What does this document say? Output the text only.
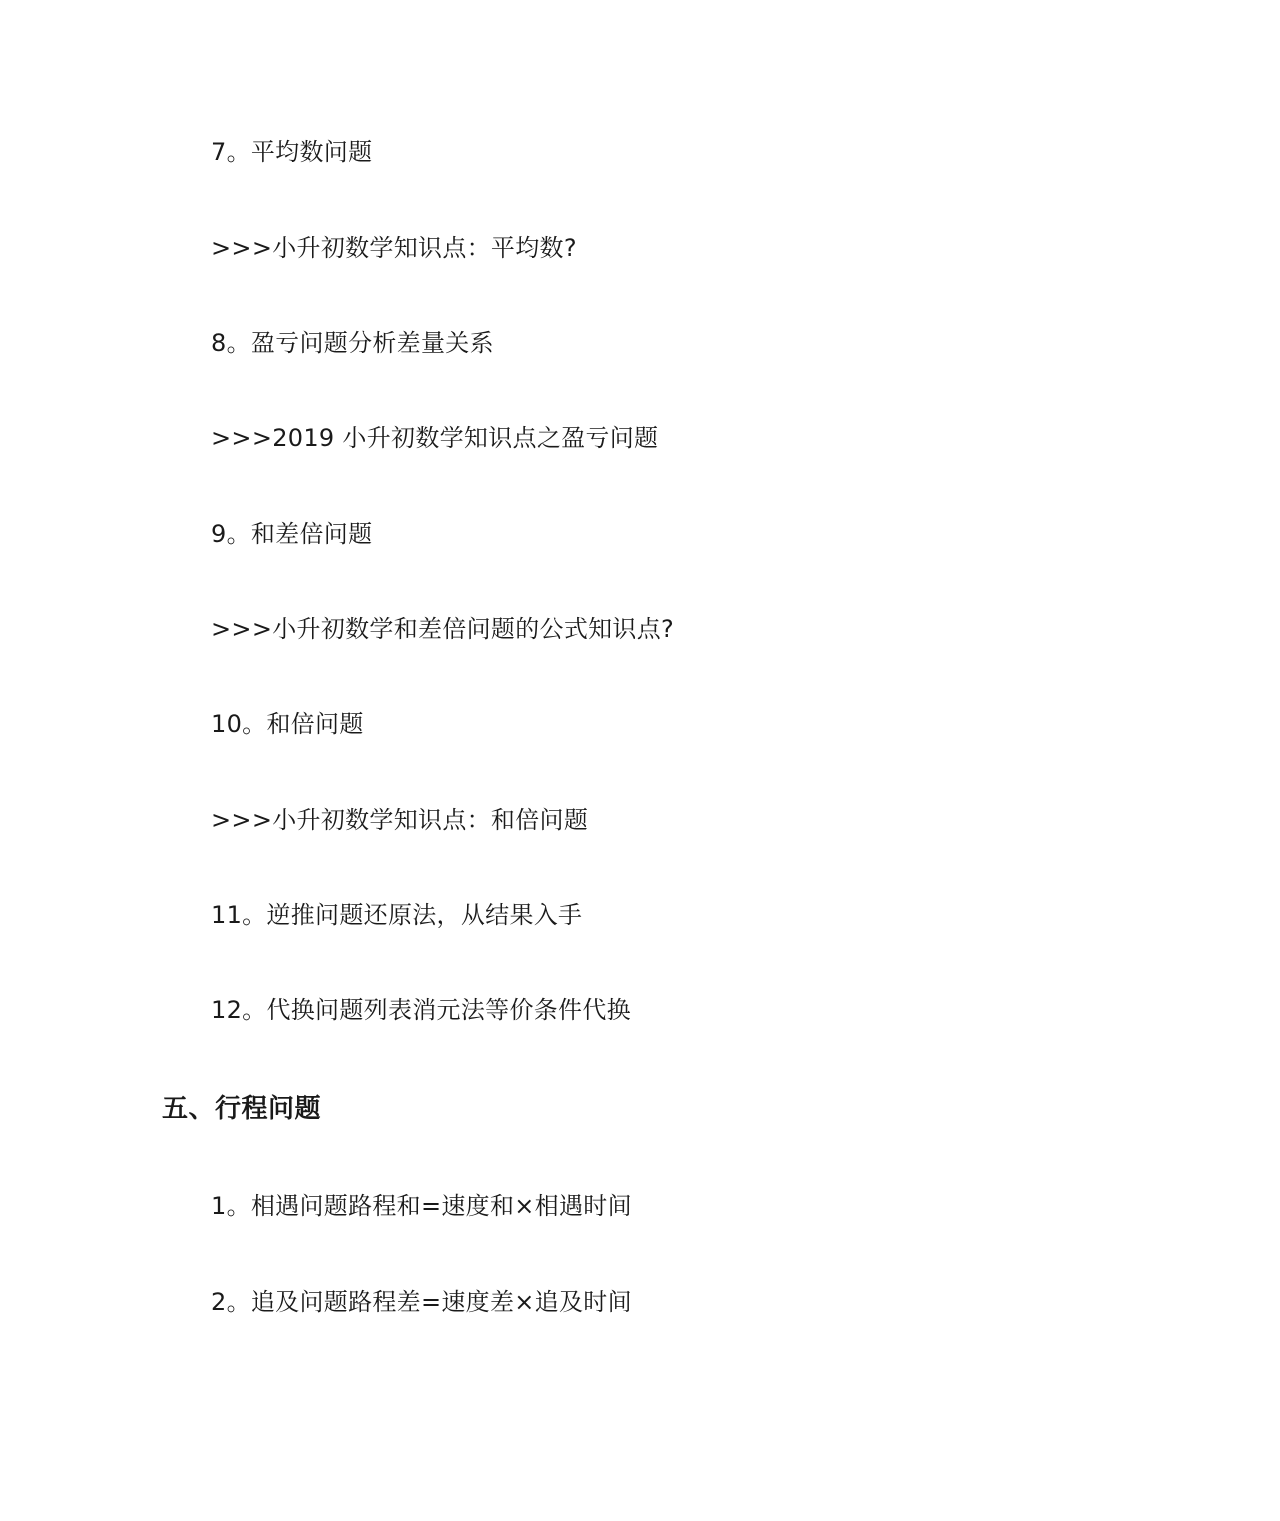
7。平均数问题
>>>小升初数学知识点：平均数?
8。盈亏问题分析差量关系
>>>2019 小升初数学知识点之盈亏问题
9。和差倍问题
>>>小升初数学和差倍问题的公式知识点?
10。和倍问题
>>>小升初数学知识点：和倍问题
11。逆推问题还原法，从结果入手
12。代换问题列表消元法等价条件代换
五、行程问题
1。相遇问题路程和=速度和×相遇时间
2。追及问题路程差=速度差×追及时间
